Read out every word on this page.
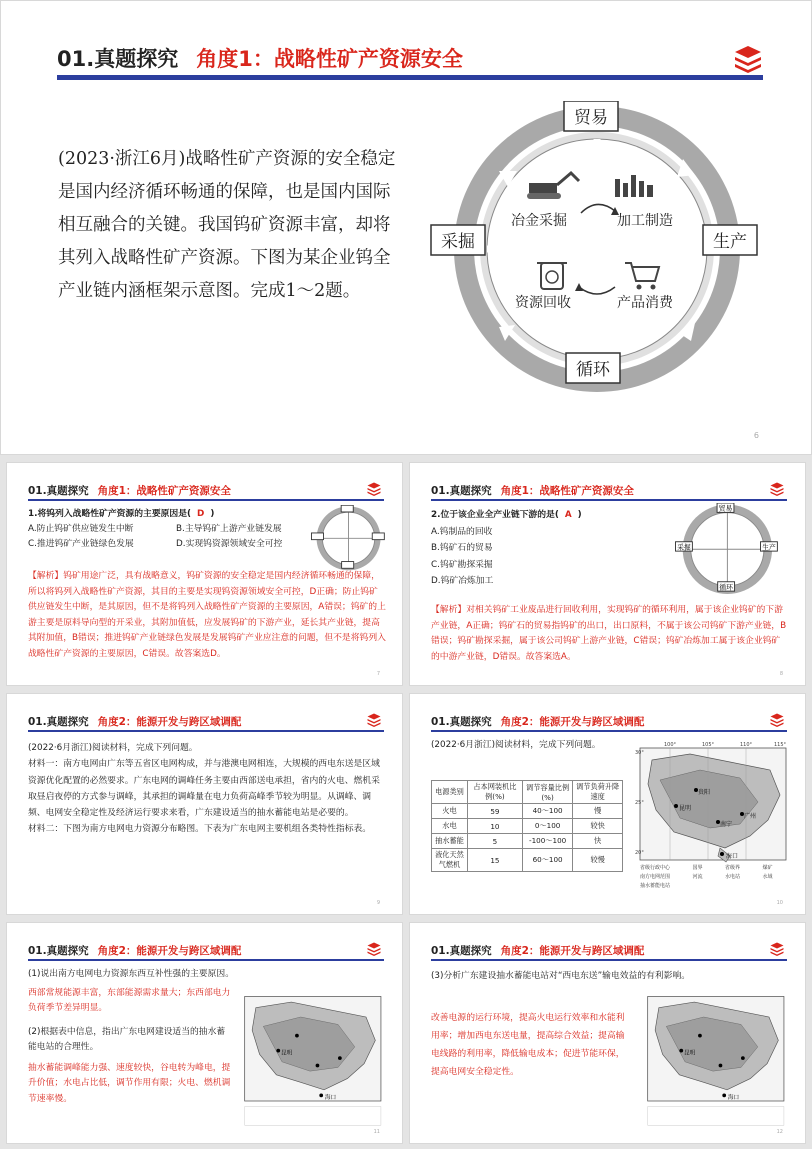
01.真题探究 角度1：战略性矿产资源安全
(2023·浙江6月)战略性矿产资源的安全稳定是国内经济循环畅通的保障，也是国内国际相互融合的关键。我国钨矿资源丰富，却将其列入战略性矿产资源。下图为某企业钨全产业链内涵框架示意图。完成1～2题。
冶金采掘	加工制造
资源回收	产品消费
贸易
采掘	生产
循环
6
01.真题探究 角度1：战略性矿产资源安全
1.将钨列入战略性矿产资源的主要原因是( D )
A.防止钨矿供应链发生中断	B.主导钨矿上游产业链发展
C.推进钨矿产业链绿色发展	D.实现钨资源领域安全可控
【解析】钨矿用途广泛，具有战略意义，钨矿资源的安全稳定是国内经济循环畅通的保障，所以将钨列入战略性矿产资源，其目的主要是实现钨资源领域安全可控，D正确；防止钨矿供应链发生中断，是其原因，但不是将钨列入战略性矿产资源的主要原因，A错误；钨矿的上游主要是原料导向型的开采业，其附加值低，应发展钨矿的下游产业，延长其产业链，提高其附加值，B错误；推进钨矿产业链绿色发展是发展钨矿产业应注意的问题，但不是将钨列入战略性矿产资源的主要原因，C错误。故答案选D。
7
01.真题探究 角度1：战略性矿产资源安全
2.位于该企业全产业链下游的是( A )
A.钨制品的回收
B.钨矿石的贸易
C.钨矿勘探采掘
D.钨矿冶炼加工
贸易
采掘	生产
循环
【解析】对相关钨矿工业废品进行回收利用，实现钨矿的循环利用，属于该企业钨矿的下游产业链，A正确；钨矿石的贸易指钨矿的出口，出口原料，不属于该公司钨矿下游产业链，B错误；钨矿勘探采掘，属于该公司钨矿上游产业链，C错误；钨矿冶炼加工属于该企业钨矿的中游产业链，D错误。故答案选A。
8
01.真题探究 角度2：能源开发与跨区域调配
(2022·6月浙江)阅读材料，完成下列问题。
材料一：南方电网由广东等五省区电网构成，并与港澳电网相连，大规模的西电东送是区域资源优化配置的必然要求。广东电网的调峰任务主要由西部送电承担，省内的火电、燃机采取昼启夜停的方式参与调峰，其承担的调峰量在电力负荷高峰季节较为明显。从调峰、调频、电网安全稳定性及经济运行要求来看，广东建设适当的抽水蓄能电站是必要的。
材料二：下图为南方电网电力资源分布略图。下表为广东电网主要机组各类特性指标表。
9
01.真题探究 角度2：能源开发与跨区域调配
(2022·6月浙江)阅读材料，完成下列问题。
电源类别	占本网装机比例(%)	调节容量比例(%)	调节负荷升降速度
火电	59	40～100	慢
水电	10	0～100	较快
抽水蓄能	5	-100～100	快
液化天然气燃机	15	60～100	较慢
30°
25°
20°
100°	105°	110°	115°
昆明
贵阳
南宁
广州
海口
省级行政中心	国界	省级界	煤矿
南方电网范围	河流	水电站	水域
抽水蓄能电站
10
01.真题探究 角度2：能源开发与跨区域调配
(1)说出南方电网电力资源东西互补性强的主要原因。
西部常规能源丰富，东部能源需求量大；东西部电力负荷季节差异明显。
(2)根据表中信息，指出广东电网建设适当的抽水蓄能电站的合理性。
抽水蓄能调峰能力强、速度较快，谷电转为峰电，提升价值；水电占比低，调节作用有限；火电、燃机调节速率慢。
昆明
海口
11
01.真题探究 角度2：能源开发与跨区域调配
(3)分析广东建设抽水蓄能电站对“西电东送”输电效益的有利影响。
改善电源的运行环境，提高火电运行效率和水能利用率；增加西电东送电量，提高综合效益；提高输电线路的利用率，降低输电成本；促进节能环保，提高电网安全稳定性。
昆明
海口
12
